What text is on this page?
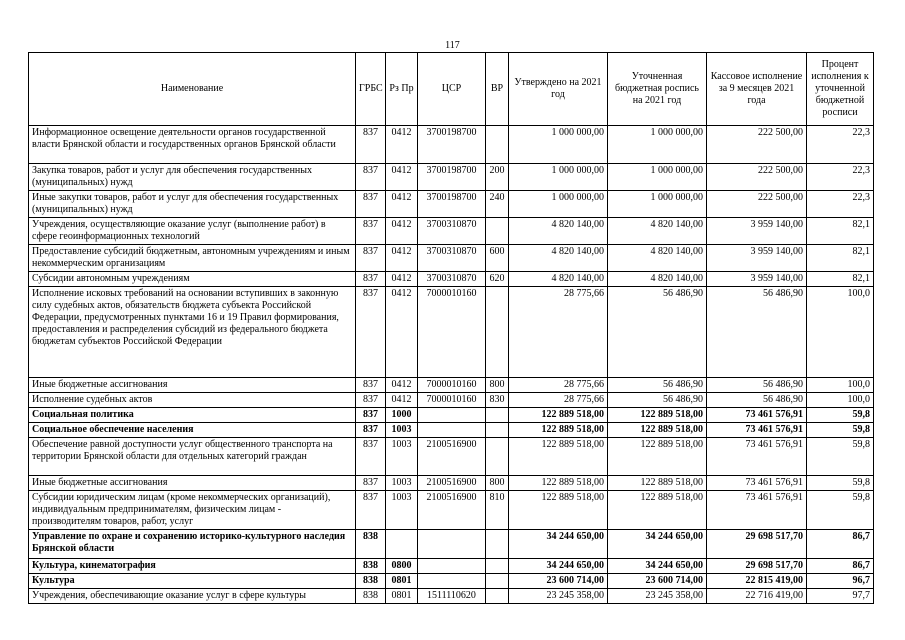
117
Наименование	ГРБС	Рз Пр	ЦСР	ВР	Утверждено на 2021 год	Уточненная бюджетная роспись на 2021 год	Кассовое исполнение за 9 месяцев 2021 года	Процент исполнения к уточненной бюджетной росписи
Информационное освещение деятельности органов государственной власти Брянской области и государственных органов Брянской области	837	0412	3700198700		1 000 000,00	1 000 000,00	222 500,00	22,3
Закупка товаров, работ и услуг для обеспечения государственных (муниципальных) нужд	837	0412	3700198700	200	1 000 000,00	1 000 000,00	222 500,00	22,3
Иные закупки товаров, работ и услуг для обеспечения государственных (муниципальных) нужд	837	0412	3700198700	240	1 000 000,00	1 000 000,00	222 500,00	22,3
Учреждения, осуществляющие оказание услуг (выполнение работ) в сфере геоинформационных технологий	837	0412	3700310870		4 820 140,00	4 820 140,00	3 959 140,00	82,1
Предоставление субсидий бюджетным, автономным учреждениям и иным некоммерческим организациям	837	0412	3700310870	600	4 820 140,00	4 820 140,00	3 959 140,00	82,1
Субсидии автономным учреждениям	837	0412	3700310870	620	4 820 140,00	4 820 140,00	3 959 140,00	82,1
Исполнение исковых требований на основании вступивших в законную силу судебных актов, обязательств бюджета субъекта Российской Федерации, предусмотренных пунктами 16 и 19 Правил формирования, предоставления и распределения субсидий из федерального бюджета бюджетам субъектов Российской Федерации	837	0412	7000010160		28 775,66	56 486,90	56 486,90	100,0
Иные бюджетные ассигнования	837	0412	7000010160	800	28 775,66	56 486,90	56 486,90	100,0
Исполнение судебных актов	837	0412	7000010160	830	28 775,66	56 486,90	56 486,90	100,0
Социальная политика	837	1000			122 889 518,00	122 889 518,00	73 461 576,91	59,8
Социальное обеспечение населения	837	1003			122 889 518,00	122 889 518,00	73 461 576,91	59,8
Обеспечение равной доступности услуг общественного транспорта на территории Брянской области для отдельных категорий граждан	837	1003	2100516900		122 889 518,00	122 889 518,00	73 461 576,91	59,8
Иные бюджетные ассигнования	837	1003	2100516900	800	122 889 518,00	122 889 518,00	73 461 576,91	59,8
Субсидии юридическим лицам (кроме некоммерческих организаций), индивидуальным предпринимателям, физическим лицам - производителям товаров, работ, услуг	837	1003	2100516900	810	122 889 518,00	122 889 518,00	73 461 576,91	59,8
Управление по охране и сохранению историко-культурного наследия Брянской области	838				34 244 650,00	34 244 650,00	29 698 517,70	86,7
Культура, кинематография	838	0800			34 244 650,00	34 244 650,00	29 698 517,70	86,7
Культура	838	0801			23 600 714,00	23 600 714,00	22 815 419,00	96,7
Учреждения, обеспечивающие оказание услуг в сфере культуры	838	0801	1511110620		23 245 358,00	23 245 358,00	22 716 419,00	97,7
